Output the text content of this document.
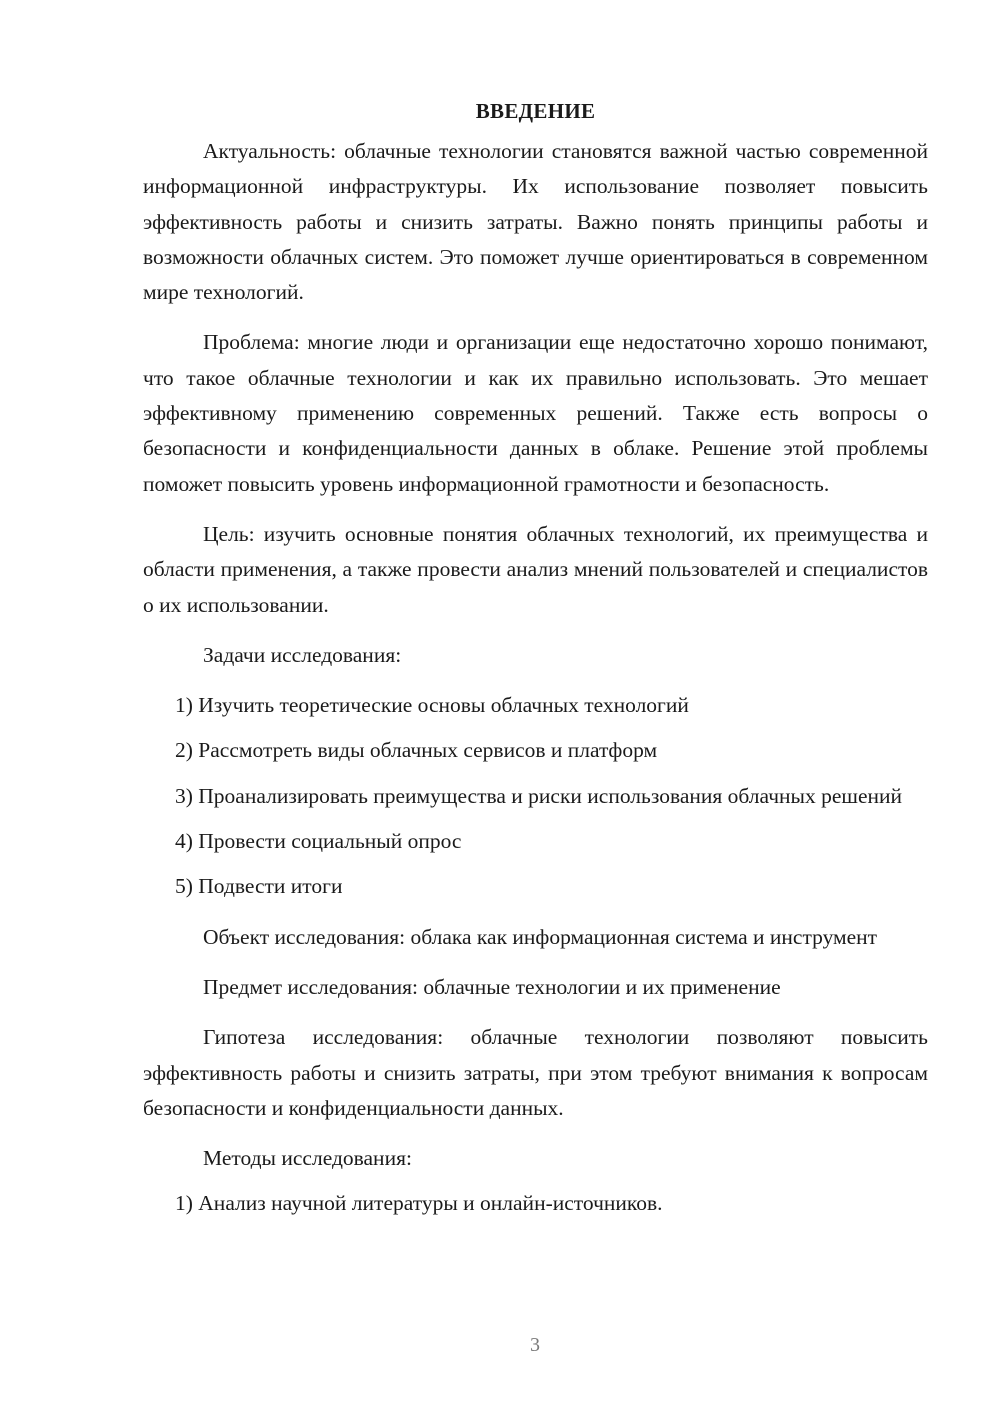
ВВЕДЕНИЕ

Актуальность: облачные технологии становятся важной частью современной информационной инфраструктуры. Их использование позволяет повысить эффективность работы и снизить затраты. Важно понять принципы работы и возможности облачных систем. Это поможет лучше ориентироваться в современном мире технологий.

Проблема: многие люди и организации еще недостаточно хорошо понимают, что такое облачные технологии и как их правильно использовать. Это мешает эффективному применению современных решений. Также есть вопросы о безопасности и конфиденциальности данных в облаке. Решение этой проблемы поможет повысить уровень информационной грамотности и безопасность.

Цель: изучить основные понятия облачных технологий, их преимущества и области применения, а также провести анализ мнений пользователей и специалистов о их использовании.

Задачи исследования:

1) Изучить теоретические основы облачных технологий

2) Рассмотреть виды облачных сервисов и платформ

3) Проанализировать преимущества и риски использования облачных решений

4) Провести социальный опрос

5) Подвести итоги

Объект исследования: облака как информационная система и инструмент

Предмет исследования: облачные технологии и их применение

Гипотеза исследования: облачные технологии позволяют повысить эффективность работы и снизить затраты, при этом требуют внимания к вопросам безопасности и конфиденциальности данных.

Методы исследования:

1) Анализ научной литературы и онлайн-источников.

3
